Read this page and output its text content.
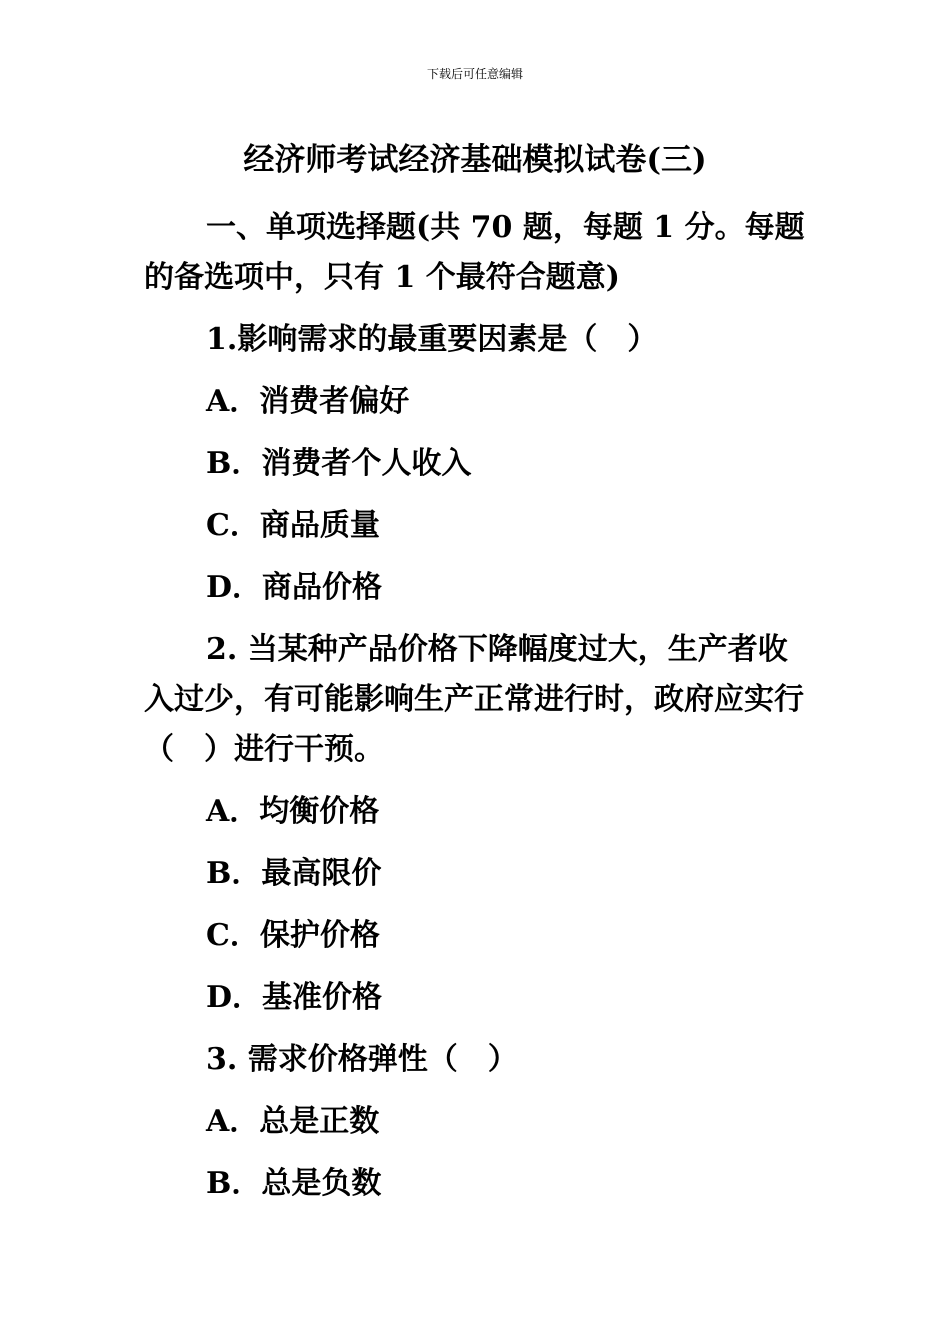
下载后可任意编辑
经济师考试经济基础模拟试卷(三)

一、单项选择题(共 70 题，每题 1 分。每题的备选项中，只有 1 个最符合题意)

1.影响需求的最重要因素是（　）

A．消费者偏好

B．消费者个人收入

C．商品质量

D．商品价格

2. 当某种产品价格下降幅度过大，生产者收入过少，有可能影响生产正常进行时，政府应实行（　）进行干预。

A．均衡价格

B．最高限价

C．保护价格

D．基准价格

3. 需求价格弹性（　）

A．总是正数

B．总是负数
